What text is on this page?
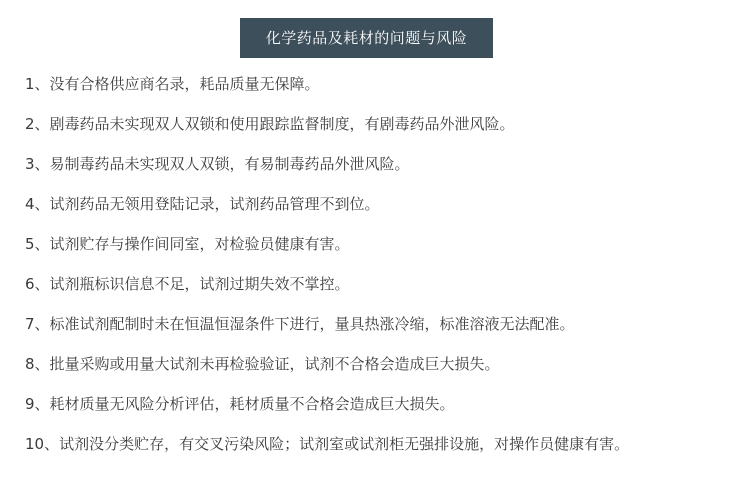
化学药品及耗材的问题与风险
1、没有合格供应商名录，耗品质量无保障。
2、剧毒药品未实现双人双锁和使用跟踪监督制度，有剧毒药品外泄风险。
3、易制毒药品未实现双人双锁，有易制毒药品外泄风险。
4、试剂药品无领用登陆记录，试剂药品管理不到位。
5、试剂贮存与操作间同室，对检验员健康有害。
6、试剂瓶标识信息不足，试剂过期失效不掌控。
7、标准试剂配制时未在恒温恒湿条件下进行，量具热涨冷缩，标准溶液无法配准。
8、批量采购或用量大试剂未再检验验证，试剂不合格会造成巨大损失。
9、耗材质量无风险分析评估，耗材质量不合格会造成巨大损失。
10、试剂没分类贮存，有交叉污染风险；试剂室或试剂柜无强排设施，对操作员健康有害。
